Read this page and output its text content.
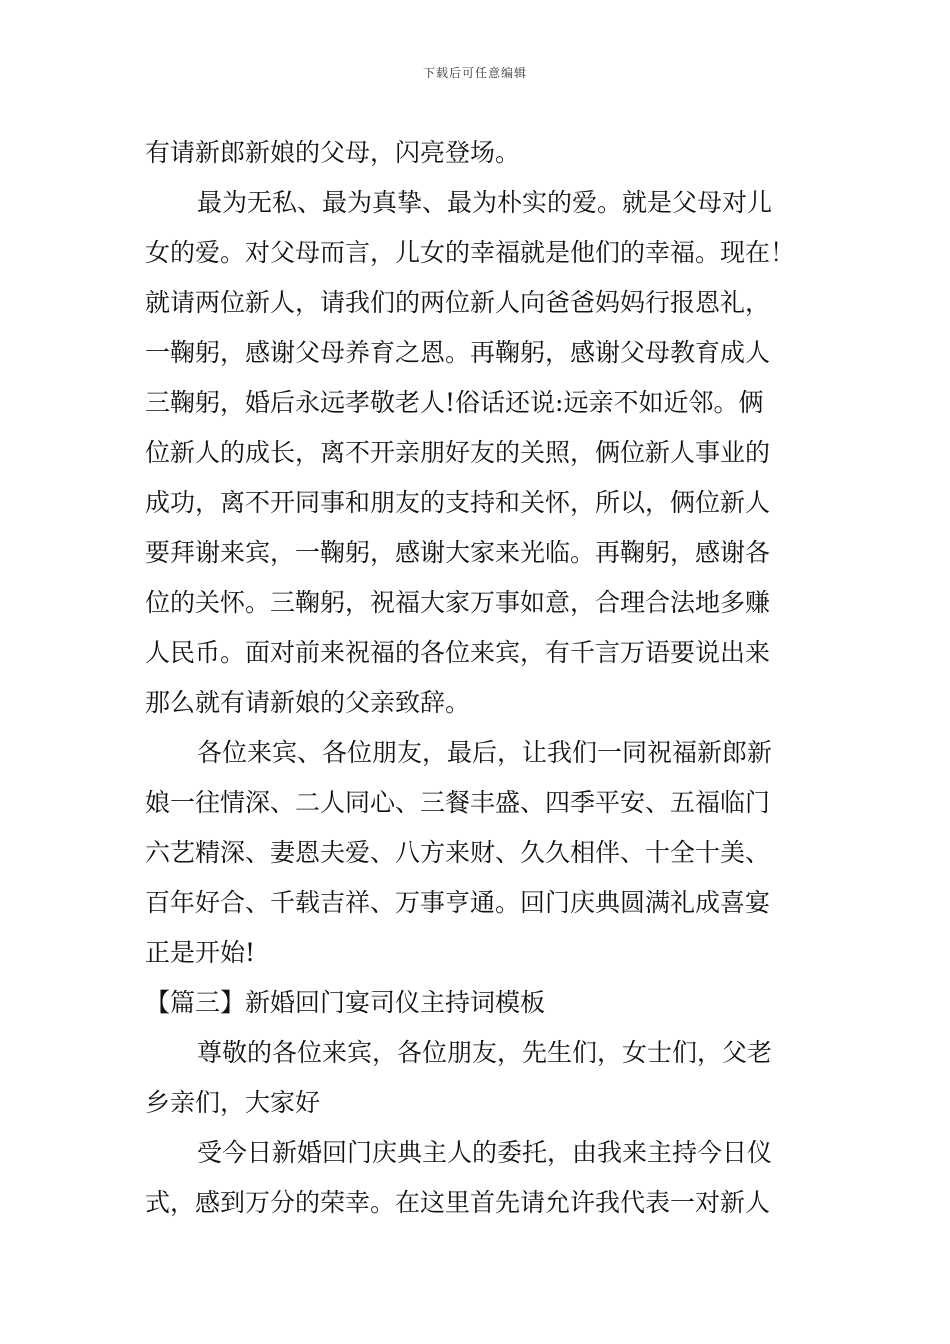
下载后可任意编辑
有请新郎新娘的父母，闪亮登场。
最为无私、最为真挚、最为朴实的爱。就是父母对儿
女的爱。对父母而言，儿女的幸福就是他们的幸福。现在！
就请两位新人，请我们的两位新人向爸爸妈妈行报恩礼，
一鞠躬，感谢父母养育之恩。再鞠躬，感谢父母教育成人
三鞠躬，婚后永远孝敬老人!俗话还说:远亲不如近邻。俩
位新人的成长，离不开亲朋好友的关照，俩位新人事业的
成功，离不开同事和朋友的支持和关怀，所以，俩位新人
要拜谢来宾，一鞠躬，感谢大家来光临。再鞠躬，感谢各
位的关怀。三鞠躬，祝福大家万事如意，合理合法地多赚
人民币。面对前来祝福的各位来宾，有千言万语要说出来
那么就有请新娘的父亲致辞。
各位来宾、各位朋友，最后，让我们一同祝福新郎新
娘一往情深、二人同心、三餐丰盛、四季平安、五福临门
六艺精深、妻恩夫爱、八方来财、久久相伴、十全十美、
百年好合、千载吉祥、万事亨通。回门庆典圆满礼成喜宴
正是开始!
【篇三】新婚回门宴司仪主持词模板
尊敬的各位来宾，各位朋友，先生们，女士们，父老
乡亲们，大家好
受今日新婚回门庆典主人的委托，由我来主持今日仪
式，感到万分的荣幸。在这里首先请允许我代表一对新人
